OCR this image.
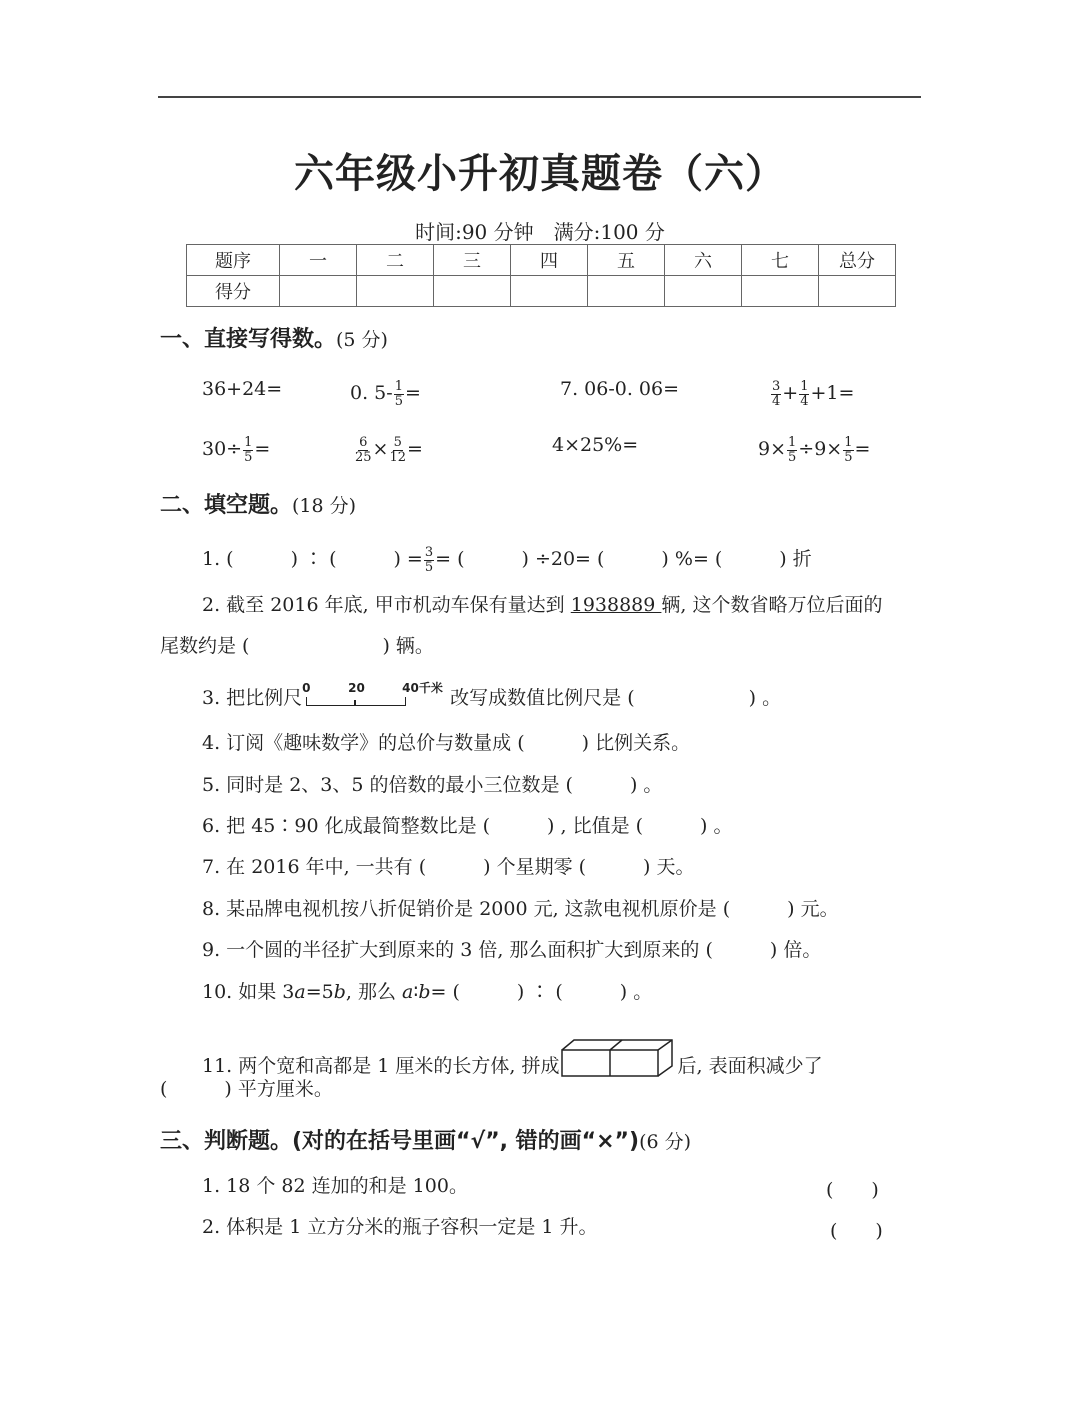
六年级小升初真题卷（六）
时间:90 分钟　满分:100 分
题序	一	二	三	四	五	六	七	总分
得分								
一、直接写得数。(5 分)
36+24=	0. $5- \frac{1}{5}$ =	7. 06-0. 06=	$\frac{3}{4} + \frac{1}{4} +1=$
$30\div \frac{1}{5}$ =	$\frac{6}{25} \times \frac{5}{12}$ =	4×25%=	$9\times \frac{1}{5} \div 9\times \frac{1}{5}$ =
二、填空题。(18 分)
1. (　　　) ∶ (　　　) = $\frac{3}{5}$ = (　　　) ÷20= (　　　) %= (　　　) 折
2. 截至 2016 年底, 甲市机动车保有量达到 1938889 辆, 这个数省略万位后面的
尾数约是 (　　　　　　　) 辆。
3. 把比例尺 0	20	40千米 改写成数值比例尺是 (　　　　　　) 。
4. 订阅《趣味数学》的总价与数量成 (　　　) 比例关系。
5. 同时是 2、3、5 的倍数的最小三位数是 (　　　) 。
6. 把 45∶90 化成最简整数比是 (　　　) , 比值是 (　　　) 。
7. 在 2016 年中, 一共有 (　　　) 个星期零 (　　　) 天。
8. 某品牌电视机按八折促销价是 2000 元, 这款电视机原价是 (　　　) 元。
9. 一个圆的半径扩大到原来的 3 倍, 那么面积扩大到原来的 (　　　) 倍。
10. 如果 3a=5b, 那么 a∶b= (　　　) ∶ (　　　) 。
11. 两个宽和高都是 1 厘米的长方体, 拼成	后, 表面积减少了
(　　　) 平方厘米。
三、判断题。(对的在括号里画“√”, 错的画“×”)(6 分)
1. 18 个 82 连加的和是 100。	(　　)
2. 体积是 1 立方分米的瓶子容积一定是 1 升。	(　　)
